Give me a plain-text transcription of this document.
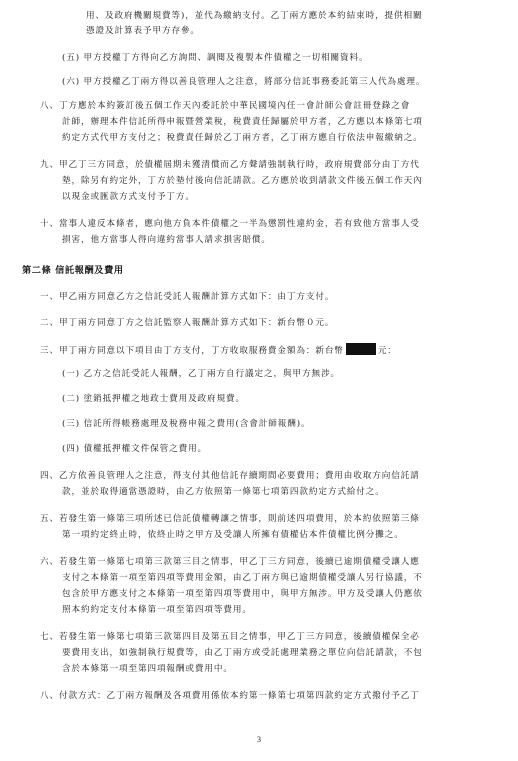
用、及政府機關規費等)，並代為繳納支付。乙丁兩方應於本約結束時，提供相關

憑證及計算表予甲方存參。

(五) 甲方授權丁方得向乙方詢問、調閱及複製本件債權之一切相關資料。

(六) 甲方授權乙丁兩方得以善良管理人之注意，將部分信託事務委託第三人代為處理。

八、丁方應於本約簽訂後五個工作天內委託於中華民國境內任一會計師公會註冊登錄之會

計師，辦理本件信託所得申報暨營業稅，稅費責任歸屬於甲方者，乙方應以本條第七項

約定方式代甲方支付之；稅費責任歸於乙丁兩方者，乙丁兩方應自行依法申報繳納之。

九、甲乙丁三方同意，於債權屆期未獲清償而乙方聲請強制執行時，政府規費部分由丁方代

墊，除另有約定外，丁方於墊付後向信託請款。乙方應於收到請款文件後五個工作天內

以現金或匯款方式支付予丁方。

十、當事人違反本條者，應向他方負本件債權之一半為懲罰性違約金，若有致他方當事人受

損害，他方當事人得向違約當事人請求損害賠償。

第二條 信託報酬及費用

一、甲乙兩方同意乙方之信託受託人報酬計算方式如下：由丁方支付。

二、甲丁兩方同意丁方之信託監察人報酬計算方式如下：新台幣０元。

三、甲丁兩方同意以下項目由丁方支付，丁方收取服務費金額為：新台幣	元：

(一) 乙方之信託受託人報酬，乙丁兩方自行議定之，與甲方無涉。

(二) 塗銷抵押權之地政士費用及政府規費。

(三) 信託所得帳務處理及稅務申報之費用(含會計師報酬)。

(四) 債權抵押權文件保管之費用。

四、乙方依善良管理人之注意，得支付其他信託存續期間必要費用；費用由收取方向信託請

款，並於取得適當憑證時，由乙方依照第一條第七項第四款約定方式給付之。

五、若發生第一條第三項所述已信託債權轉讓之情事，則前述四項費用，於本約依照第三條

第一項約定終止時，依終止時之甲方及受讓人所擁有債權佔本件債權比例分攤之。

六、若發生第一條第七項第三款第三目之情事，甲乙丁三方同意，後續已逾期債權受讓人應

支付之本條第一項至第四項等費用金額，由乙丁兩方與已逾期債權受讓人另行協議，不

包含於甲方應支付之本條第一項至第四項等費用中，與甲方無涉。甲方及受讓人仍應依

照本約約定支付本條第一項至第四項等費用。

七、若發生第一條第七項第三款第四目及第五目之情事，甲乙丁三方同意，後續債權保全必

要費用支出，如強制執行規費等，由乙丁兩方或受託處理業務之單位向信託請款，不包

含於本條第一項至第四項報酬或費用中。

八、付款方式：乙丁兩方報酬及各項費用係依本約第一條第七項第四款約定方式撥付予乙丁

3
